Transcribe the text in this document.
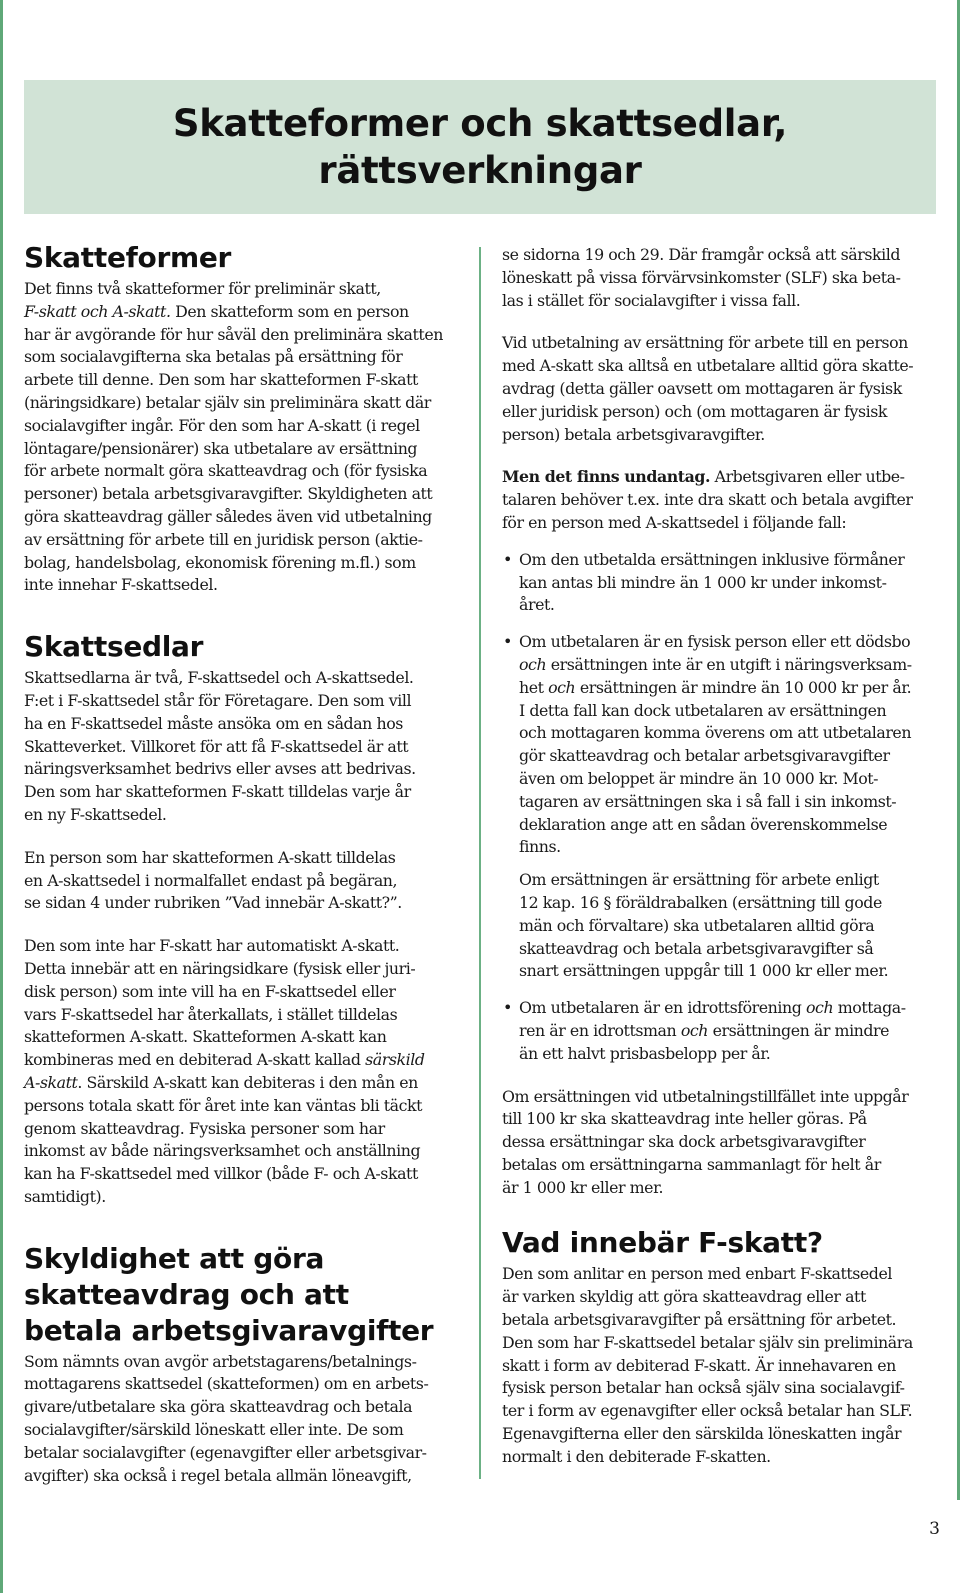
Skatteformer och skattsedlar,
rättsverkningar
Skatteformer

Det finns två skatteformer för preliminär skatt,
F-skatt och A-skatt. Den skatteform som en person
har är avgörande för hur såväl den preliminära skatten
som socialavgifterna ska betalas på ersättning för
arbete till denne. Den som har skatteformen F-skatt
(näringsidkare) betalar själv sin preliminära skatt där
socialavgifter ingår. För den som har A-skatt (i regel
löntagare/pensionärer) ska utbetalare av ersättning
för arbete normalt göra skatteavdrag och (för fysiska
personer) betala arbetsgivaravgifter. Skyldigheten att
göra skatteavdrag gäller således även vid utbetalning
av ersättning för arbete till en juridisk person (aktie-
bolag, handelsbolag, ekonomisk förening m.fl.) som
inte innehar F-skattsedel.

Skattsedlar

Skattsedlarna är två, F-skattsedel och A-skattsedel.
F:et i F-skattsedel står för Företagare. Den som vill
ha en F-skattsedel måste ansöka om en sådan hos
Skatteverket. Villkoret för att få F-skattsedel är att
näringsverksamhet bedrivs eller avses att bedrivas.
Den som har skatteformen F-skatt tilldelas varje år
en ny F-skattsedel.

En person som har skatteformen A-skatt tilldelas
en A-skattsedel i normalfallet endast på begäran,
se sidan 4 under rubriken ”Vad innebär A-skatt?”.

Den som inte har F-skatt har automatiskt A-skatt.
Detta innebär att en näringsidkare (fysisk eller juri-
disk person) som inte vill ha en F-skattsedel eller
vars F-skattsedel har återkallats, i stället tilldelas
skatteformen A-skatt. Skatteformen A-skatt kan
kombineras med en debiterad A-skatt kallad särskild
A-skatt. Särskild A-skatt kan debiteras i den mån en
persons totala skatt för året inte kan väntas bli täckt
genom skatteavdrag. Fysiska personer som har
inkomst av både näringsverksamhet och anställning
kan ha F-skattsedel med villkor (både F- och A-skatt
samtidigt).

Skyldighet att göra
skatteavdrag och att
betala arbetsgivaravgifter

Som nämnts ovan avgör arbetstagarens/betalnings-
mottagarens skattsedel (skatteformen) om en arbets-
givare/utbetalare ska göra skatteavdrag och betala
socialavgifter/särskild löneskatt eller inte. De som
betalar socialavgifter (egenavgifter eller arbetsgivar-
avgifter) ska också i regel betala allmän löneavgift,

se sidorna 19 och 29. Där framgår också att särskild
löneskatt på vissa förvärvsinkomster (SLF) ska beta-
las i stället för socialavgifter i vissa fall.

Vid utbetalning av ersättning för arbete till en person
med A-skatt ska alltså en utbetalare alltid göra skatte-
avdrag (detta gäller oavsett om mottagaren är fysisk
eller juridisk person) och (om mottagaren är fysisk
person) betala arbetsgivaravgifter.

Men det finns undantag. Arbetsgivaren eller utbe-
talaren behöver t.ex. inte dra skatt och betala avgifter
för en person med A-skattsedel i följande fall:

• Om den utbetalda ersättningen inklusive förmåner
kan antas bli mindre än 1 000 kr under inkomst-
året.

• Om utbetalaren är en fysisk person eller ett dödsbo
och ersättningen inte är en utgift i näringsverksam-
het och ersättningen är mindre än 10 000 kr per år.
I detta fall kan dock utbetalaren av ersättningen
och mottagaren komma överens om att utbetalaren
gör skatteavdrag och betalar arbetsgivaravgifter
även om beloppet är mindre än 10 000 kr. Mot-
tagaren av ersättningen ska i så fall i sin inkomst-
deklaration ange att en sådan överenskommelse
finns.

Om ersättningen är ersättning för arbete enligt
12 kap. 16 § föräldrabalken (ersättning till gode
män och förvaltare) ska utbetalaren alltid göra
skatteavdrag och betala arbetsgivaravgifter så
snart ersättningen uppgår till 1 000 kr eller mer.

• Om utbetalaren är en idrottsförening och mottaga-
ren är en idrottsman och ersättningen är mindre
än ett halvt prisbasbelopp per år.

Om ersättningen vid utbetalningstillfället inte uppgår
till 100 kr ska skatteavdrag inte heller göras. På
dessa ersättningar ska dock arbetsgivaravgifter
betalas om ersättningarna sammanlagt för helt år
är 1 000 kr eller mer.

Vad innebär F-skatt?

Den som anlitar en person med enbart F-skattsedel
är varken skyldig att göra skatteavdrag eller att
betala arbetsgivaravgifter på ersättning för arbetet.
Den som har F-skattsedel betalar själv sin preliminära
skatt i form av debiterad F-skatt. Är innehavaren en
fysisk person betalar han också själv sina socialavgif-
ter i form av egenavgifter eller också betalar han SLF.
Egenavgifterna eller den särskilda löneskatten ingår
normalt i den debiterade F-skatten.

3
